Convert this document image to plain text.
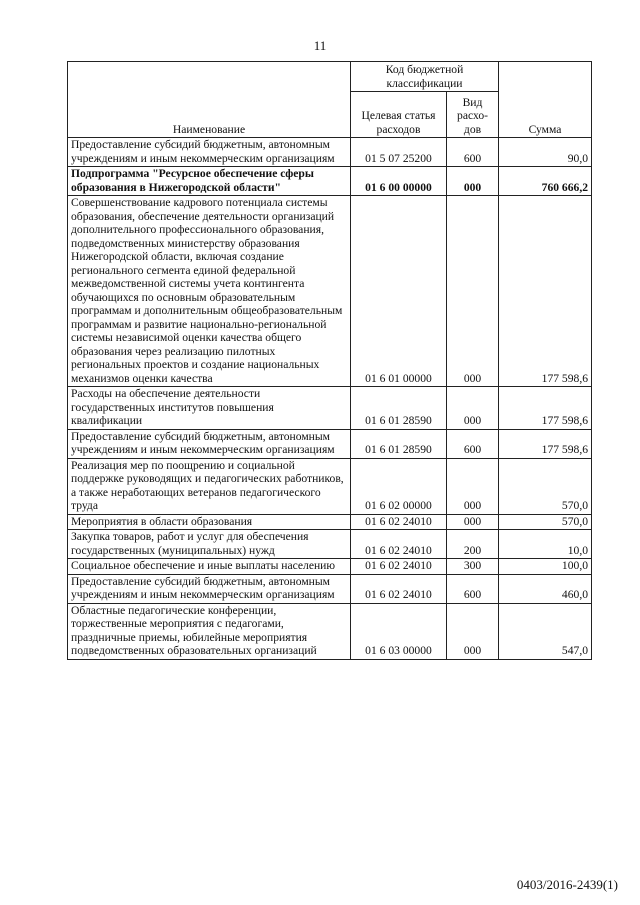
11
Наименование	Код бюджетной классификации		Сумма
	Целевая статья расходов	Вид расхо-дов	
Предоставление субсидий бюджетным, автономным учреждениям и иным некоммерческим организациям	01 5 07 25200	600	90,0
Подпрограмма "Ресурсное обеспечение сферы образования в Нижегородской области"	01 6 00 00000	000	760 666,2
Совершенствование кадрового потенциала системы образования, обеспечение деятельности организаций дополнительного профессионального образования, подведомственных министерству образования Нижегородской области, включая создание регионального сегмента единой федеральной межведомственной системы учета контингента обучающихся по основным образовательным программам и дополнительным общеобразовательным программам и развитие национально-региональной системы независимой оценки качества общего образования через реализацию пилотных региональных проектов и создание национальных механизмов оценки качества	01 6 01 00000	000	177 598,6
Расходы на обеспечение деятельности государственных институтов повышения квалификации	01 6 01 28590	000	177 598,6
Предоставление субсидий бюджетным, автономным учреждениям и иным некоммерческим организациям	01 6 01 28590	600	177 598,6
Реализация мер по поощрению и социальной поддержке руководящих и педагогических работников, а также неработающих ветеранов педагогического труда	01 6 02 00000	000	570,0
Мероприятия в области образования	01 6 02 24010	000	570,0
Закупка товаров, работ и услуг для обеспечения государственных (муниципальных) нужд	01 6 02 24010	200	10,0
Социальное обеспечение и иные выплаты населению	01 6 02 24010	300	100,0
Предоставление субсидий бюджетным, автономным учреждениям и иным некоммерческим организациям	01 6 02 24010	600	460,0
Областные педагогические конференции, торжественные мероприятия с педагогами, праздничные приемы, юбилейные мероприятия подведомственных образовательных организаций	01 6 03 00000	000	547,0
0403/2016-2439(1)
